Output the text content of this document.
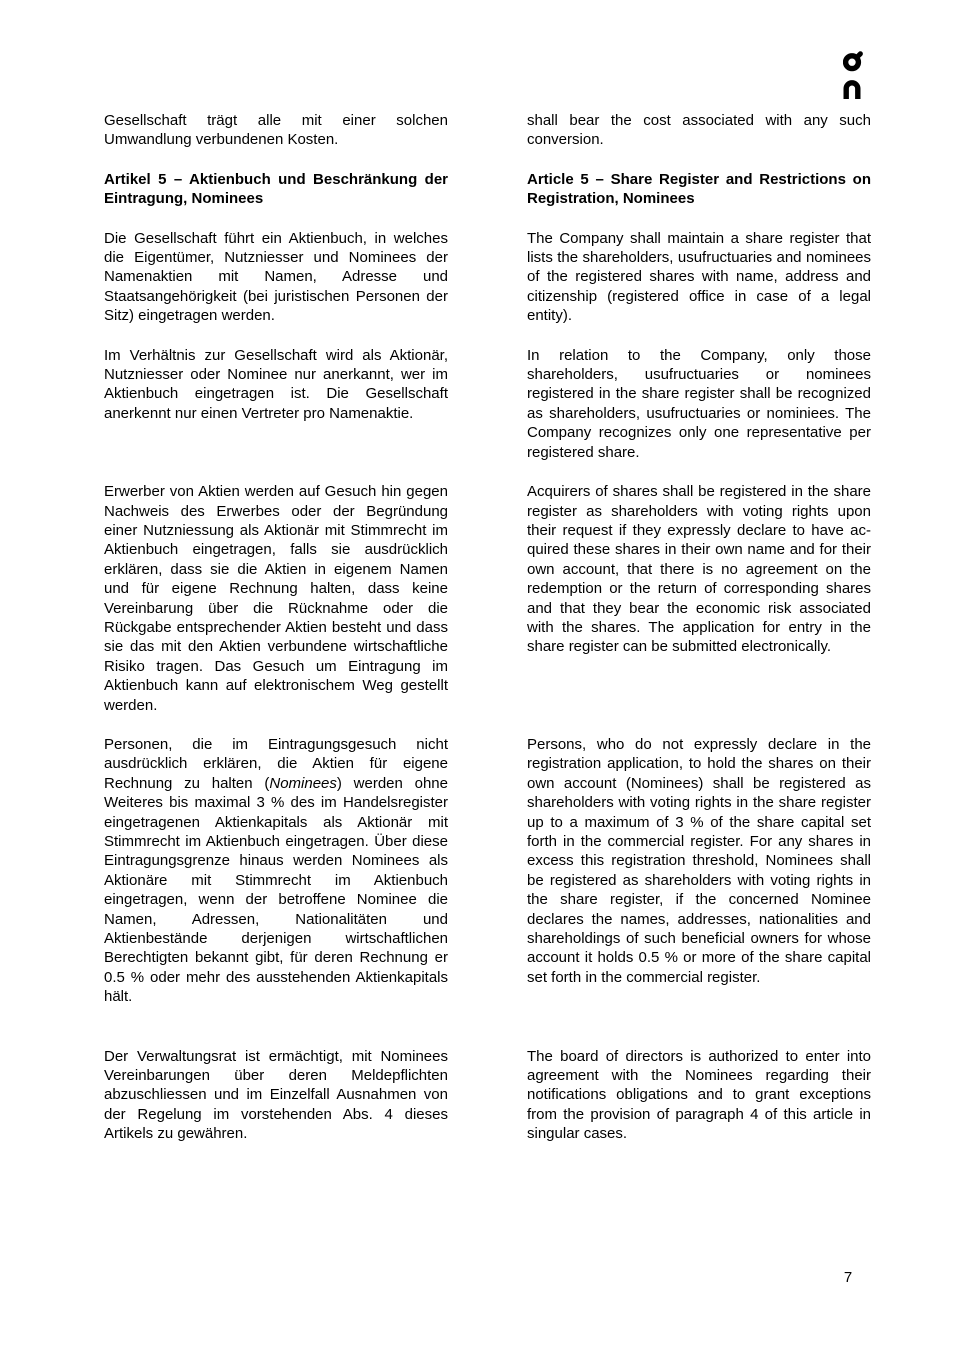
Gesellschaft trägt alle mit einer solchen Umwandlung verbundenen Kosten.

shall bear the cost associated with any such conversion.

Artikel 5 – Aktienbuch und Beschränkung der Eintragung, Nominees
Article 5 – Share Register and Restrictions on Registration, Nominees

Die Gesellschaft führt ein Aktienbuch, in welches die Eigentümer, Nutzniesser und Nominees der Namenaktien mit Namen, Adresse und Staatsangehörigkeit (bei juristischen Personen der Sitz) eingetragen werden.

The Company shall maintain a share register that lists the shareholders, usufructuaries and nominees of the registered shares with name, address and citizenship (registered office in case of a legal entity).

Im Verhältnis zur Gesellschaft wird als Aktionär, Nutzniesser oder Nominee nur anerkannt, wer im Aktienbuch eingetragen ist. Die Gesellschaft anerkennt nur einen Vertreter pro Namenaktie.

In relation to the Company, only those shareholders, usufructuaries or nominees registered in the share register shall be recognized as shareholders, usufructuaries or nominiees. The Company recognizes only one representative per registered share.

Erwerber von Aktien werden auf Gesuch hin gegen Nachweis des Erwerbes oder der Begründung einer Nutzniessung als Aktionär mit Stimmrecht im Aktienbuch eingetragen, falls sie ausdrücklich erklären, dass sie die Aktien in eigenem Namen und für eigene Rechnung halten, dass keine Vereinbarung über die Rücknahme oder die Rückgabe entsprechender Aktien besteht und dass sie das mit den Aktien verbundene wirtschaftliche Risiko tragen. Das Gesuch um Eintragung im Aktienbuch kann auf elektronischem Weg gestellt werden.

Acquirers of shares shall be registered in the share register as shareholders with voting rights upon their request if they expressly declare to have ac-quired these shares in their own name and for their own account, that there is no agreement on the redemption or the return of corresponding shares and that they bear the economic risk associated with the shares. The application for entry in the share register can be submitted electronically.

Personen, die im Eintragungsgesuch nicht ausdrücklich erklären, die Aktien für eigene Rechnung zu halten (Nominees) werden ohne Weiteres bis maximal 3 % des im Handelsregister eingetragenen Aktienkapitals als Aktionär mit Stimmrecht im Aktienbuch eingetragen. Über diese Eintragungsgrenze hinaus werden Nominees als Aktionäre mit Stimmrecht im Aktienbuch eingetragen, wenn der betroffene Nominee die Namen, Adressen, Nationalitäten und Aktienbestände derjenigen wirtschaftlichen Berechtigten bekannt gibt, für deren Rechnung er 0.5 % oder mehr des ausstehenden Aktienkapitals hält.

Persons, who do not expressly declare in the registration application, to hold the shares on their own account (Nominees) shall be registered as shareholders with voting rights in the share register up to a maximum of 3 % of the share capital set forth in the commercial register. For any shares in excess this registration threshold, Nominees shall be registered as shareholders with voting rights in the share register, if the concerned Nominee declares the names, addresses, nationalities and shareholdings of such beneficial owners for whose account it holds 0.5 % or more of the share capital set forth in the commercial register.

Der Verwaltungsrat ist ermächtigt, mit Nominees Vereinbarungen über deren Meldepflichten abzuschliessen und im Einzelfall Ausnahmen von der Regelung im vorstehenden Abs. 4 dieses Artikels zu gewähren.

The board of directors is authorized to enter into agreement with the Nominees regarding their notifications obligations and to grant exceptions from the provision of paragraph 4 of this article in singular cases.

7
